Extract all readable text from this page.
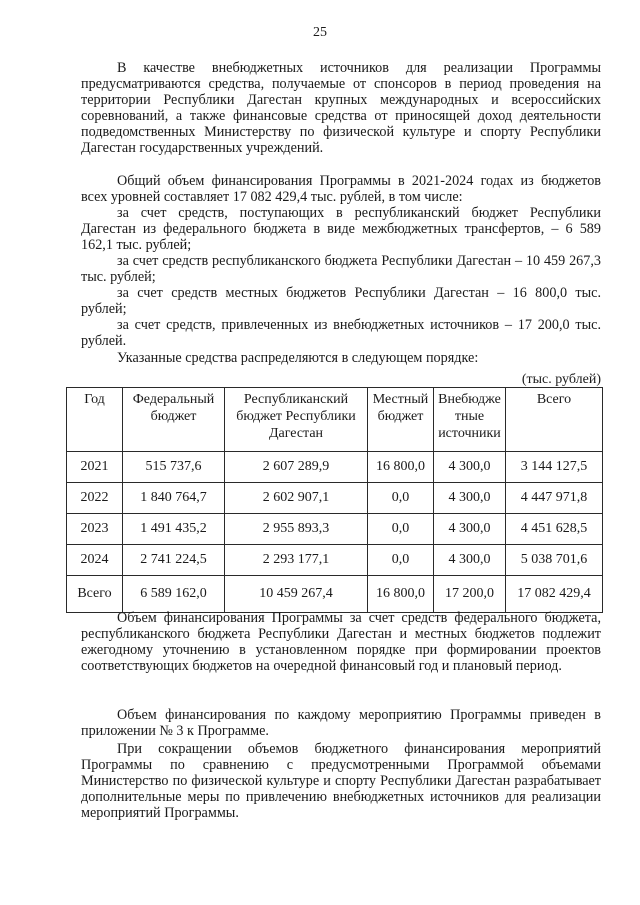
25

В качестве внебюджетных источников для реализации Программы предусматриваются средства, получаемые от спонсоров в период проведения на территории Республики Дагестан крупных международных и всероссийских соревнований, а также финансовые средства от приносящей доход деятельности подведомственных Министерству по физической культуре и спорту Республики Дагестан государственных учреждений.

Общий объем финансирования Программы в 2021-2024 годах из бюджетов всех уровней составляет 17 082 429,4 тыс. рублей, в том числе:

за счет средств, поступающих в республиканский бюджет Республики Дагестан из федерального бюджета в виде межбюджетных трансфертов, – 6 589 162,1 тыс. рублей;

за счет средств республиканского бюджета Республики Дагестан – 10 459 267,3 тыс. рублей;

за счет средств местных бюджетов Республики Дагестан – 16 800,0 тыс. рублей;

за счет средств, привлеченных из внебюджетных источников – 17 200,0 тыс. рублей.

Указанные средства распределяются в следующем порядке:

(тыс. рублей)
Год	Федеральный бюджет	Республиканский бюджет Республики Дагестан	Местный бюджет	Внебюдже тные источники	Всего
2021	515 737,6	2 607 289,9	16 800,0	4 300,0	3 144 127,5
2022	1 840 764,7	2 602 907,1	0,0	4 300,0	4 447 971,8
2023	1 491 435,2	2 955 893,3	0,0	4 300,0	4 451 628,5
2024	2 741 224,5	2 293 177,1	0,0	4 300,0	5 038 701,6
Всего	6 589 162,0	10 459 267,4	16 800,0	17 200,0	17 082 429,4

Объем финансирования Программы за счет средств федерального бюджета, республиканского бюджета Республики Дагестан и местных бюджетов подлежит ежегодному уточнению в установленном порядке при формировании проектов соответствующих бюджетов на очередной финансовый год и плановый период.

Объем финансирования по каждому мероприятию Программы приведен в приложении № 3 к Программе.

При сокращении объемов бюджетного финансирования мероприятий Программы по сравнению с предусмотренными Программой объемами Министерство по физической культуре и спорту Республики Дагестан разрабатывает дополнительные меры по привлечению внебюджетных источников для реализации мероприятий Программы.
